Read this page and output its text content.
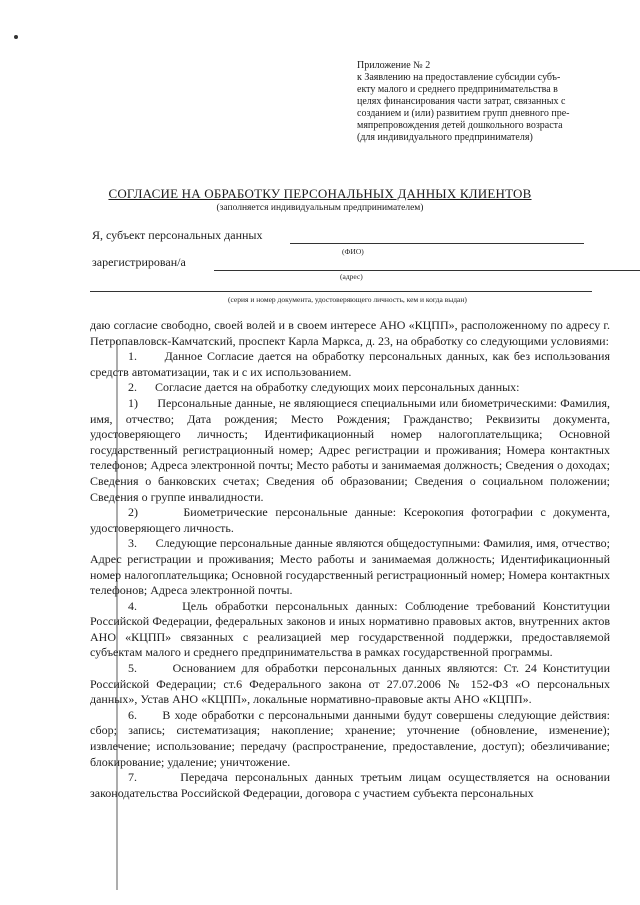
Приложение № 2
к Заявлению на предоставление субсидии субъ-
екту малого и среднего предпринимательства в
целях финансирования части затрат, связанных с
созданием и (или) развитием групп дневного пре-
мяпрепровождения детей дошкольного возраста
(для индивидуального предпринимателя)
СОГЛАСИЕ НА ОБРАБОТКУ ПЕРСОНАЛЬНЫХ ДАННЫХ КЛИЕНТОВ
(заполняется индивидуальным предпринимателем)
Я, субъект персональных данных
(ФИО)
зарегистрирован/а
(адрес)
(серия и номер документа, удостоверяющего личность, кем и когда выдан)

даю согласие свободно, своей волей и в своем интересе АНО «КЦПП», расположенному по адресу г. Петропавловск-Камчатский, проспект Карла Маркса, д. 23, на обработку со следующими условиями:

1.      Данное Согласие дается на обработку персональных данных, как без использования средств автоматизации, так и с их использованием.

2.      Согласие дается на обработку следующих моих персональных данных:

1)      Персональные данные, не являющиеся специальными или биометрическими: Фамилия, имя, отчество; Дата рождения; Место Рождения; Гражданство; Реквизиты документа, удостоверяющего личность; Идентификационный номер налогоплательщика; Основной государственный регистрационный номер; Адрес регистрации и проживания; Номера контактных телефонов; Адреса электронной почты; Место работы и занимаемая должность; Сведения о доходах; Сведения о банковских счетах; Сведения об образовании; Сведения о социальном положении; Сведения о группе инвалидности.

2)      Биометрические персональные данные: Ксерокопия фотографии с документа, удостоверяющего личность.

3.      Следующие персональные данные являются общедоступными: Фамилия, имя, отчество; Адрес регистрации и проживания; Место работы и занимаемая должность; Идентификационный номер налогоплательщика; Основной государственный регистрационный номер; Номера контактных телефонов; Адреса электронной почты.

4.      Цель обработки персональных данных: Соблюдение требований Конституции Российской Федерации, федеральных законов и иных нормативно правовых актов, внутренних актов АНО «КЦПП» связанных с реализацией мер государственной поддержки, предоставляемой субъектам малого и среднего предпринимательства в рамках государственной программы.

5.      Основанием для обработки персональных данных являются: Ст. 24 Конституции Российской Федерации; ст.6 Федерального закона от 27.07.2006 № 152-ФЗ «О персональных данных», Устав АНО «КЦПП», локальные нормативно-правовые акты АНО «КЦПП».

6.      В ходе обработки с персональными данными будут совершены следующие действия: сбор; запись; систематизация; накопление; хранение; уточнение (обновление, изменение); извлечение; использование; передачу (распространение, предоставление, доступ); обезличивание; блокирование; удаление; уничтожение.

7.      Передача персональных данных третьим лицам осуществляется на основании законодательства Российской Федерации, договора с участием субъекта персональных
